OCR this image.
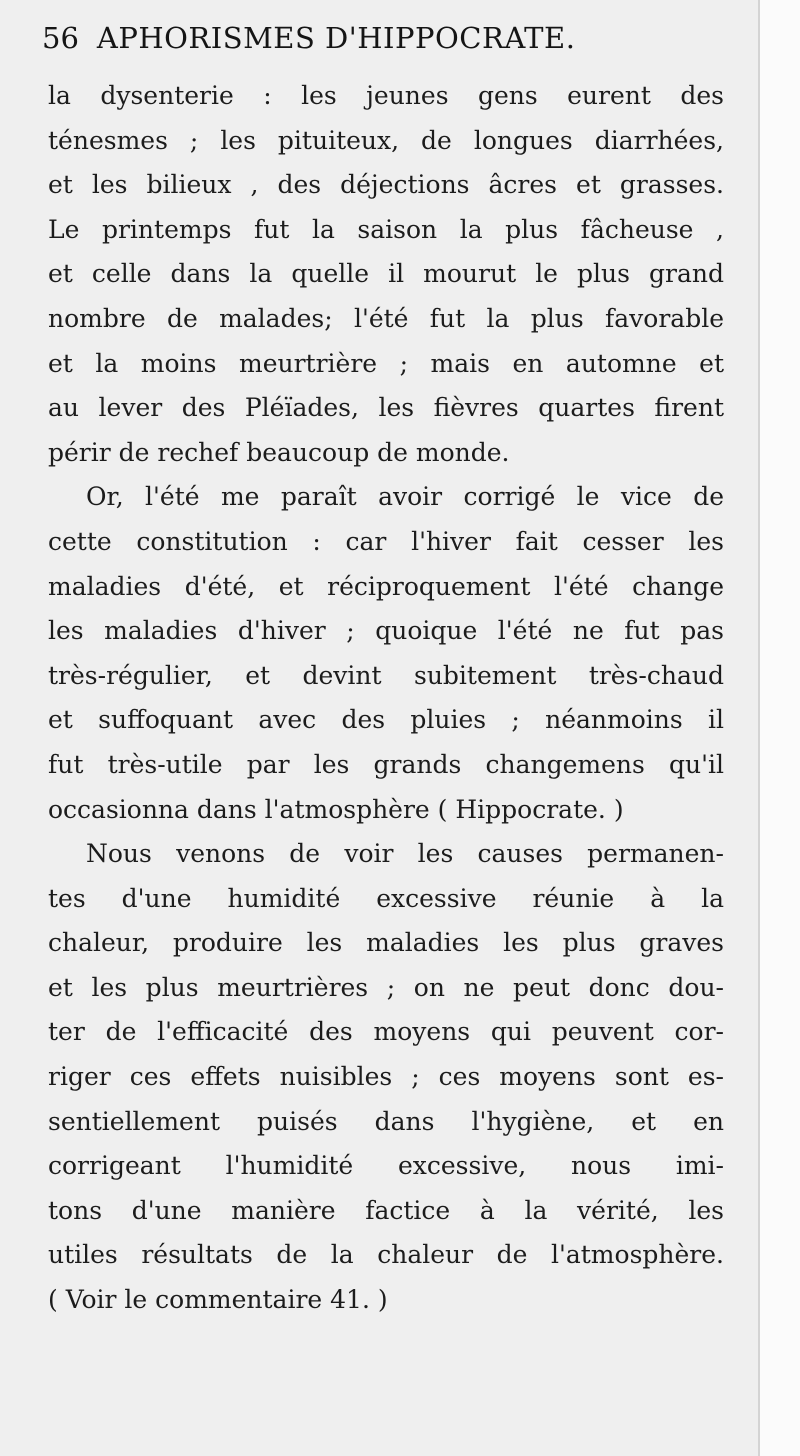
56 APHORISMES D'HIPPOCRATE.
la dysenterie : les jeunes gens eurent des
ténesmes ; les pituiteux, de longues diarrhées,
et les bilieux , des déjections âcres et grasses.
Le printemps fut la saison la plus fâcheuse ,
et celle dans la quelle il mourut le plus grand
nombre de malades; l'été fut la plus favorable
et la moins meurtrière ; mais en automne et
au lever des Pléïades, les fièvres quartes firent
périr de rechef beaucoup de monde.
Or, l'été me paraît avoir corrigé le vice de
cette constitution : car l'hiver fait cesser les
maladies d'été, et réciproquement l'été change
les maladies d'hiver ; quoique l'été ne fut pas
très-régulier, et devint subitement très-chaud
et suffoquant avec des pluies ; néanmoins il
fut très-utile par les grands changemens qu'il
occasionna dans l'atmosphère ( Hippocrate. )
Nous venons de voir les causes permanen-
tes d'une humidité excessive réunie à la
chaleur, produire les maladies les plus graves
et les plus meurtrières ; on ne peut donc dou-
ter de l'efficacité des moyens qui peuvent cor-
riger ces effets nuisibles ; ces moyens sont es-
sentiellement puisés dans l'hygiène, et en
corrigeant l'humidité excessive, nous imi-
tons d'une manière factice à la vérité, les
utiles résultats de la chaleur de l'atmosphère.
( Voir le commentaire 41. )
